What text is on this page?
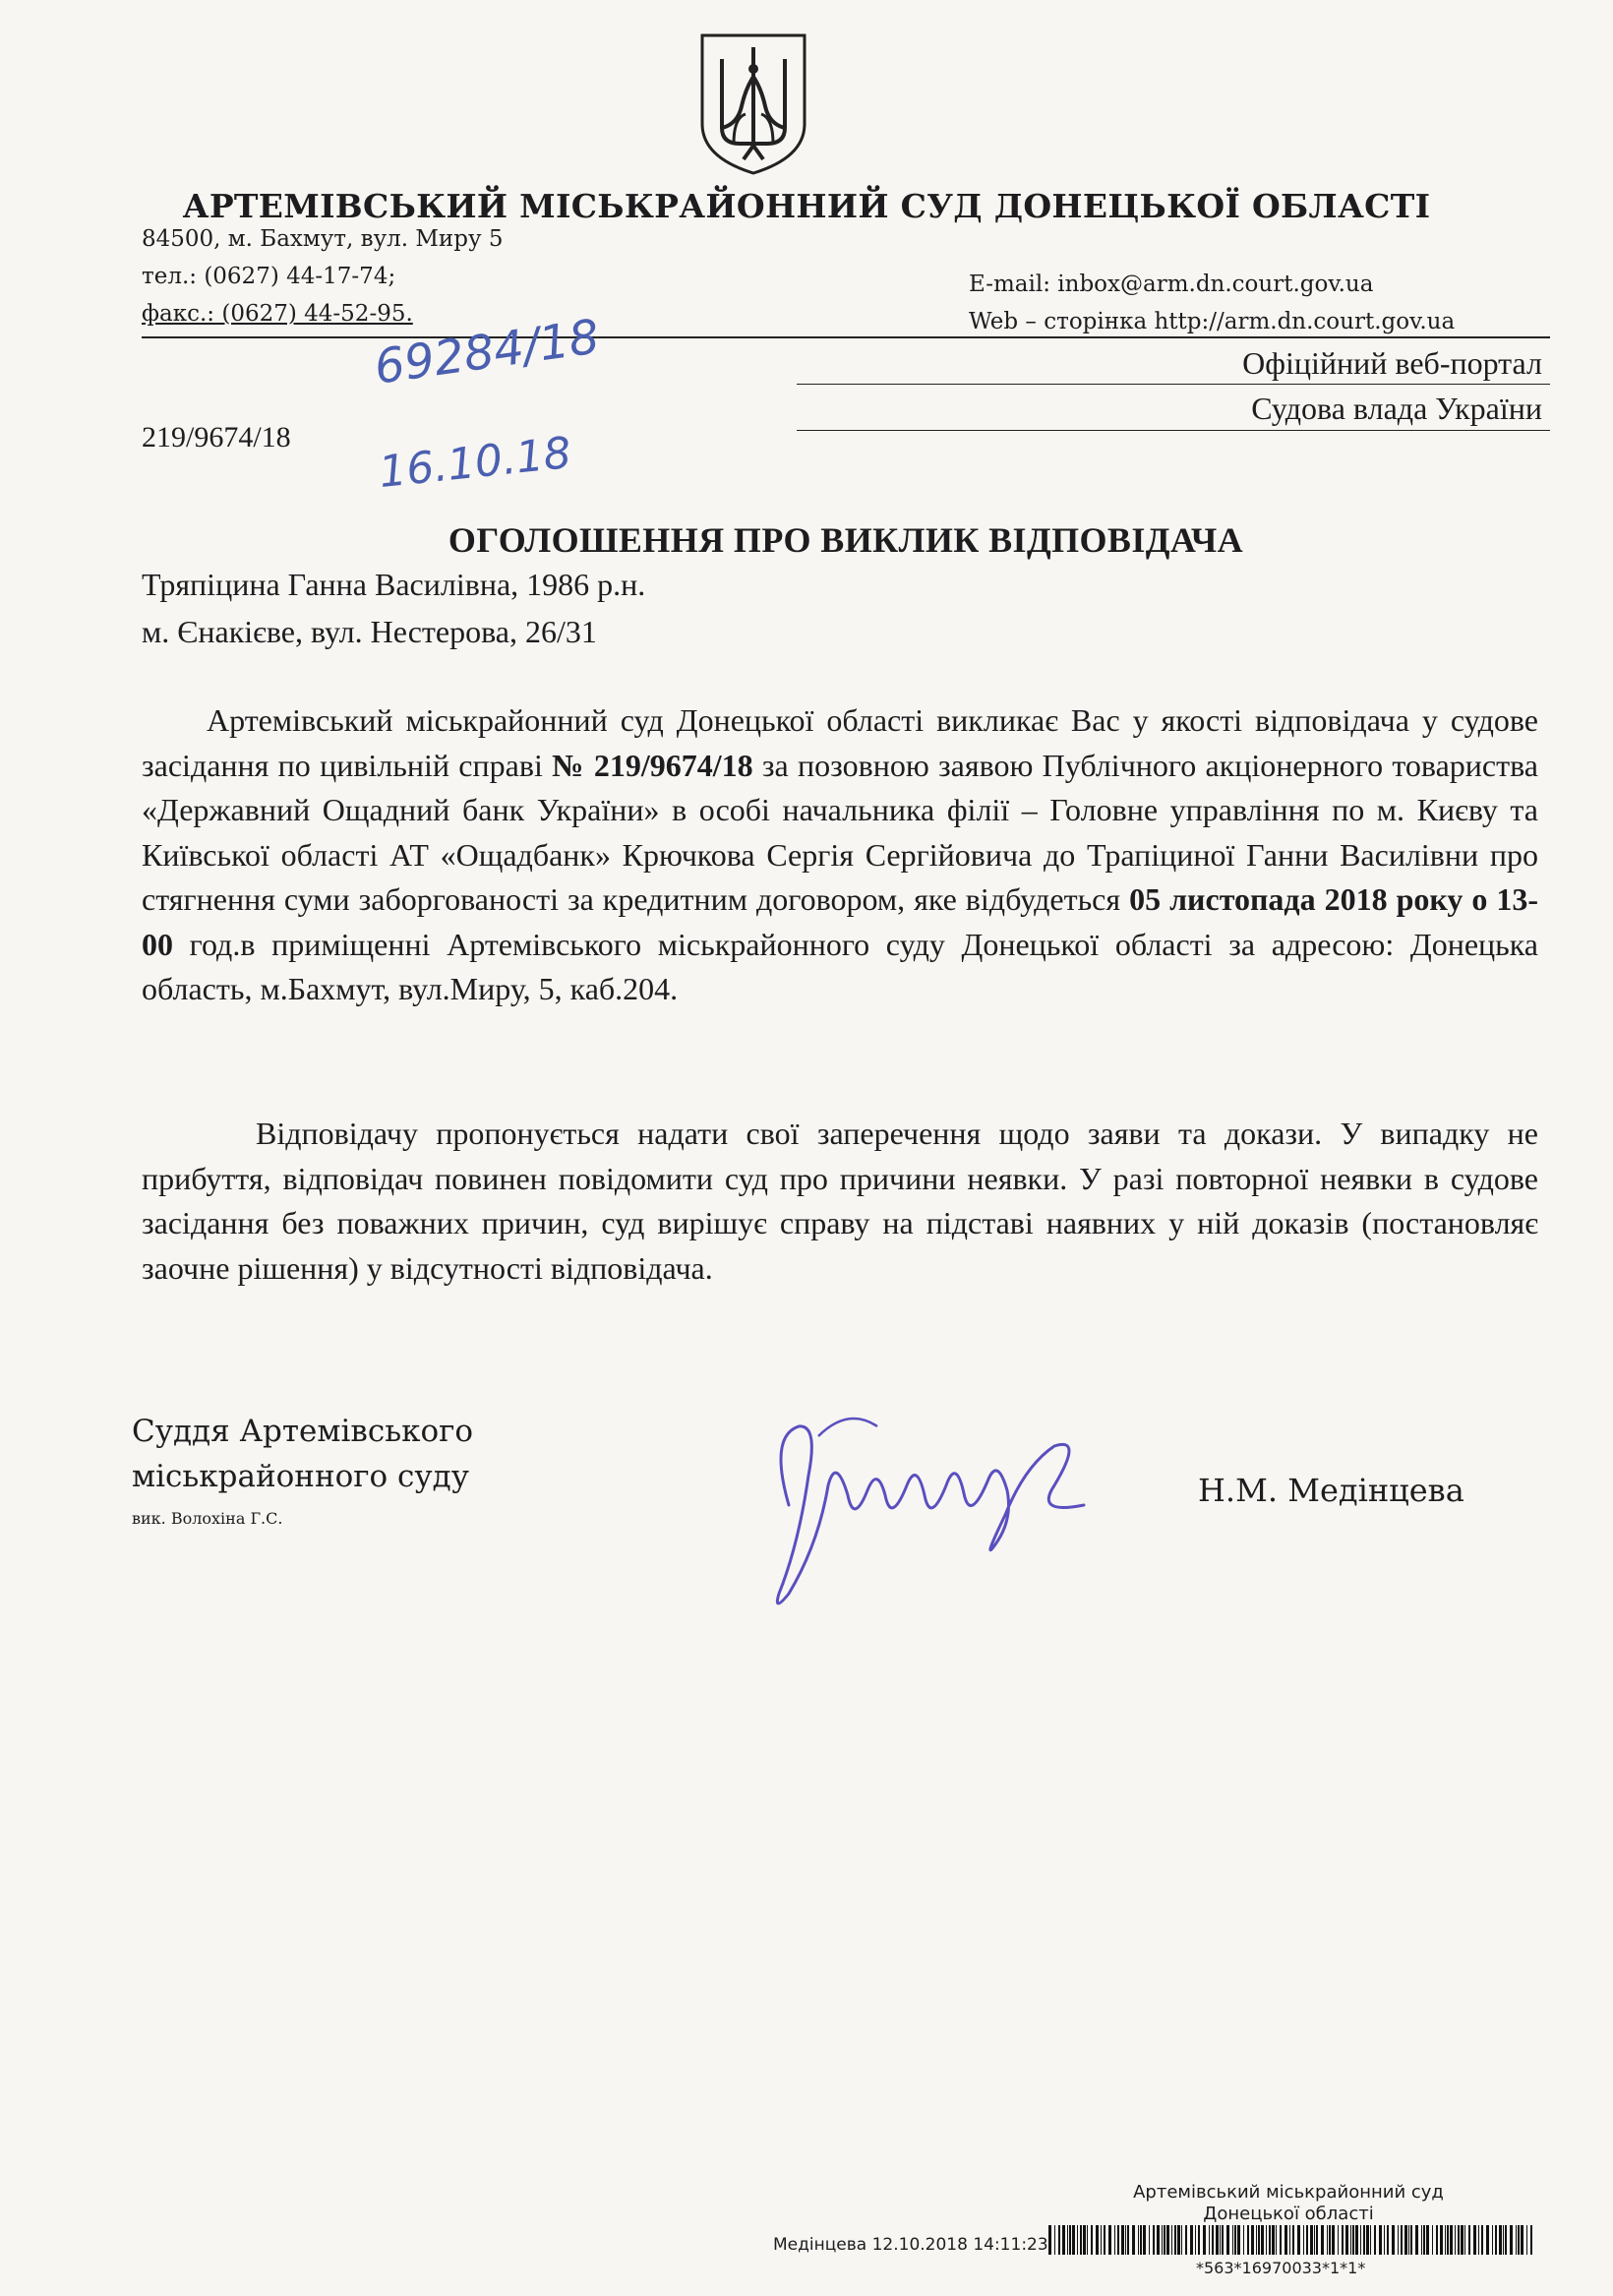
АРТЕМІВСЬКИЙ МІСЬКРАЙОННИЙ СУД ДОНЕЦЬКОЇ ОБЛАСТІ
84500, м. Бахмут, вул. Миру 5
тел.: (0627) 44-17-74;
факс.: (0627) 44-52-95.
E-mail: inbox@arm.dn.court.gov.ua
Web – сторінка http://arm.dn.court.gov.ua
Офіційний веб-портал
Судова влада України
69284/18
16.10.18
219/9674/18
ОГОЛОШЕННЯ ПРО ВИКЛИК ВІДПОВІДАЧА
Тряпіцина Ганна Василівна, 1986 р.н.
м. Єнакієве, вул. Нестерова, 26/31
Артемівський міськрайонний суд Донецької області викликає Вас у якості відповідача у судове засідання по цивільній справі № 219/9674/18 за позовною заявою Публічного акціонерного товариства «Державний Ощадний банк України» в особі начальника філії – Головне управління по м. Києву та Київської області АТ «Ощадбанк» Крючкова Сергія Сергійовича до Трапіциної Ганни Василівни про стягнення суми заборгованості за кредитним договором, яке відбудеться 05 листопада 2018 року о 13-00 год.в приміщенні Артемівського міськрайонного суду Донецької області за адресою: Донецька область, м.Бахмут, вул.Миру, 5, каб.204.
Відповідачу пропонується надати свої заперечення щодо заяви та докази. У випадку не прибуття, відповідач повинен повідомити суд про причини неявки. У разі повторної неявки в судове засідання без поважних причин, суд вирішує справу на підставі наявних у ній доказів (постановляє заочне рішення) у відсутності відповідача.
Суддя Артемівського
міськрайонного суду
вик. Волохіна Г.С.
Н.М. Медінцева
Артемівський міськрайонний суд
Донецької області
Медінцева 12.10.2018 14:11:23
*563*16970033*1*1*
